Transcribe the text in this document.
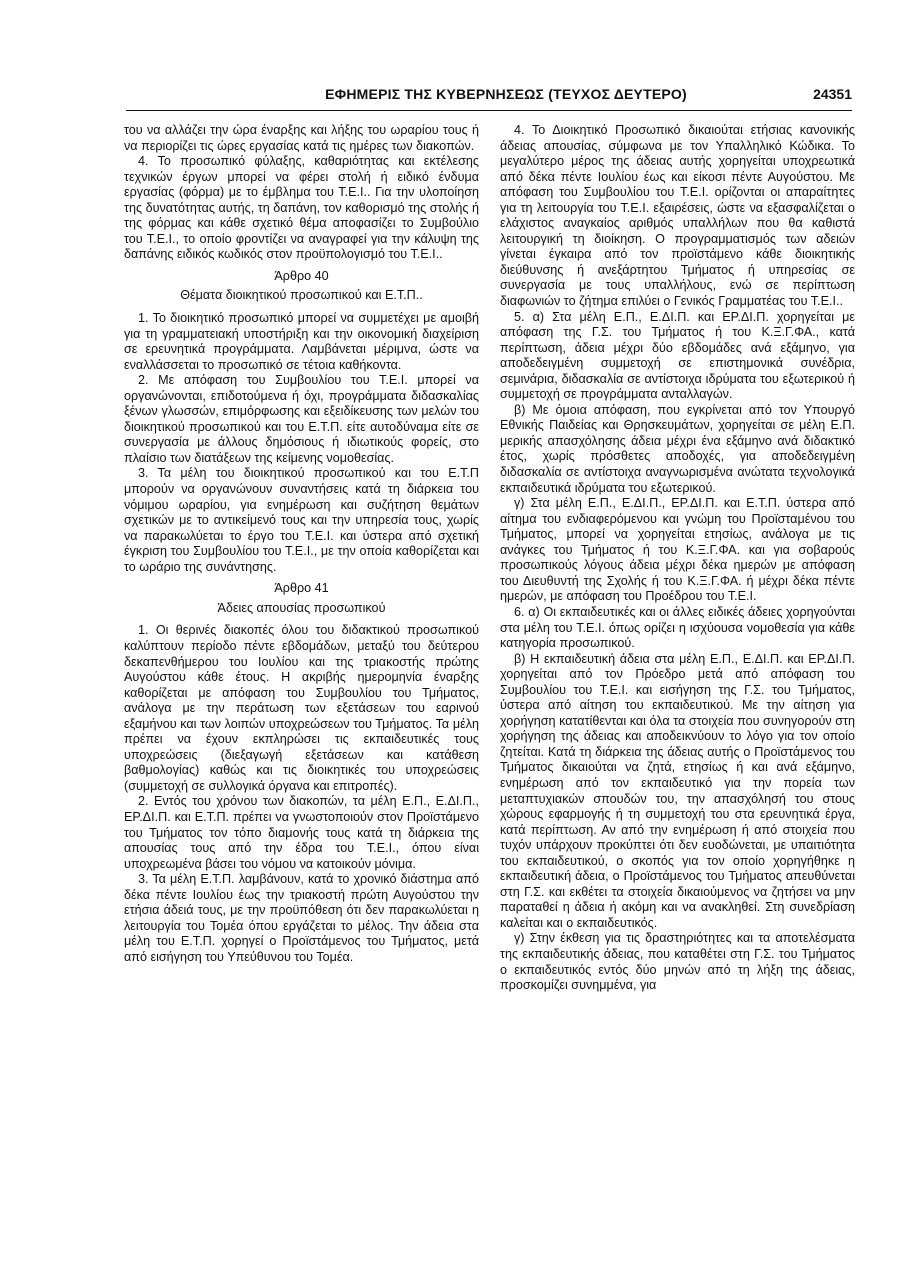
ΕΦΗΜΕΡΙΣ ΤΗΣ ΚΥΒΕΡΝΗΣΕΩΣ (ΤΕΥΧΟΣ ΔΕΥΤΕΡΟ)	24351

του να αλλάζει την ώρα έναρξης και λήξης του ωραρίου τους ή να περιορίζει τις ώρες εργασίας κατά τις ημέρες των διακοπών.

4. Το προσωπικό φύλαξης, καθαριότητας και εκτέλεσης τεχνικών έργων μπορεί να φέρει στολή ή ειδικό ένδυμα εργασίας (φόρμα) με το έμβλημα του Τ.Ε.Ι.. Για την υλοποίηση της δυνατότητας αυτής, τη δαπάνη, τον καθορισμό της στολής ή της φόρμας και κάθε σχετικό θέμα αποφασίζει το Συμβούλιο του Τ.Ε.Ι., το οποίο φροντίζει να αναγραφεί για την κάλυψη της δαπάνης ειδικός κωδικός στον προϋπολογισμό του Τ.Ε.Ι..

Άρθρο 40

Θέματα διοικητικού προσωπικού και Ε.Τ.Π..

1. Το διοικητικό προσωπικό μπορεί να συμμετέχει με αμοιβή για τη γραμματειακή υποστήριξη και την οικονομική διαχείριση σε ερευνητικά προγράμματα. Λαμβάνεται μέριμνα, ώστε να εναλλάσσεται το προσωπικό σε τέτοια καθήκοντα.

2. Με απόφαση του Συμβουλίου του Τ.Ε.Ι. μπορεί να οργανώνονται, επιδοτούμενα ή όχι, προγράμματα διδασκαλίας ξένων γλωσσών, επιμόρφωσης και εξειδίκευσης των μελών του διοικητικού προσωπικού και του Ε.Τ.Π. είτε αυτοδύναμα είτε σε συνεργασία με άλλους δημόσιους ή ιδιωτικούς φορείς, στο πλαίσιο των διατάξεων της κείμενης νομοθεσίας.

3. Τα μέλη του διοικητικού προσωπικού και του Ε.Τ.Π μπορούν να οργανώνουν συναντήσεις κατά τη διάρκεια του νόμιμου ωραρίου, για ενημέρωση και συζήτηση θεμάτων σχετικών με το αντικείμενό τους και την υπηρεσία τους, χωρίς να παρακωλύεται το έργο του Τ.Ε.Ι. και ύστερα από σχετική έγκριση του Συμβουλίου του Τ.Ε.Ι., με την οποία καθορίζεται και το ωράριο της συνάντησης.

Άρθρο 41

Άδειες απουσίας προσωπικού

1. Οι θερινές διακοπές όλου του διδακτικού προσωπικού καλύπτουν περίοδο πέντε εβδομάδων, μεταξύ του δεύτερου δεκαπενθήμερου του Ιουλίου και της τριακοστής πρώτης Αυγούστου κάθε έτους. Η ακριβής ημερομηνία έναρξης καθορίζεται με απόφαση του Συμβουλίου του Τμήματος, ανάλογα με την περάτωση των εξετάσεων του εαρινού εξαμήνου και των λοιπών υποχρεώσεων του Τμήματος. Τα μέλη πρέπει να έχουν εκπληρώσει τις εκπαιδευτικές τους υποχρεώσεις (διεξαγωγή εξετάσεων και κατάθεση βαθμολογίας) καθώς και τις διοικητικές του υποχρεώσεις (συμμετοχή σε συλλογικά όργανα και επιτροπές).

2. Εντός του χρόνου των διακοπών, τα μέλη Ε.Π., Ε.ΔΙ.Π., ΕΡ.ΔΙ.Π. και Ε.Τ.Π. πρέπει να γνωστοποιούν στον Προϊστάμενο του Τμήματος τον τόπο διαμονής τους κατά τη διάρκεια της απουσίας τους από την έδρα του Τ.Ε.Ι., όπου είναι υποχρεωμένα βάσει του νόμου να κατοικούν μόνιμα.

3. Τα μέλη Ε.Τ.Π. λαμβάνουν, κατά το χρονικό διάστημα από δέκα πέντε Ιουλίου έως την τριακοστή πρώτη Αυγούστου την ετήσια άδειά τους, με την προϋπόθεση ότι δεν παρακωλύεται η λειτουργία του Τομέα όπου εργάζεται το μέλος. Την άδεια στα μέλη του Ε.Τ.Π. χορηγεί ο Προϊστάμενος του Τμήματος, μετά από εισήγηση του Υπεύθυνου του Τομέα.

4. Το Διοικητικό Προσωπικό δικαιούται ετήσιας κανονικής άδειας απουσίας, σύμφωνα με τον Υπαλληλικό Κώδικα. Το μεγαλύτερο μέρος της άδειας αυτής χορηγείται υποχρεωτικά από δέκα πέντε Ιουλίου έως και είκοσι πέντε Αυγούστου. Με απόφαση του Συμβουλίου του Τ.Ε.Ι. ορίζονται οι απαραίτητες για τη λειτουργία του Τ.Ε.Ι. εξαιρέσεις, ώστε να εξασφαλίζεται ο ελάχιστος αναγκαίος αριθμός υπαλλήλων που θα καθιστά λειτουργική τη διοίκηση. Ο προγραμματισμός των αδειών γίνεται έγκαιρα από τον προϊστάμενο κάθε διοικητικής διεύθυνσης ή ανεξάρτητου Τμήματος ή υπηρεσίας σε συνεργασία με τους υπαλλήλους, ενώ σε περίπτωση διαφωνιών το ζήτημα επιλύει ο Γενικός Γραμματέας του Τ.Ε.Ι..

5. α) Στα μέλη Ε.Π., Ε.ΔΙ.Π. και ΕΡ.ΔΙ.Π. χορηγείται με απόφαση της Γ.Σ. του Τμήματος ή του Κ.Ξ.Γ.ΦΑ., κατά περίπτωση, άδεια μέχρι δύο εβδομάδες ανά εξάμηνο, για αποδεδειγμένη συμμετοχή σε επιστημονικά συνέδρια, σεμινάρια, διδασκαλία σε αντίστοιχα ιδρύματα του εξωτερικού ή συμμετοχή σε προγράμματα ανταλλαγών.

β) Με όμοια απόφαση, που εγκρίνεται από τον Υπουργό Εθνικής Παιδείας και Θρησκευμάτων, χορηγείται σε μέλη Ε.Π. μερικής απασχόλησης άδεια μέχρι ένα εξάμηνο ανά διδακτικό έτος, χωρίς πρόσθετες αποδοχές, για αποδεδειγμένη διδασκαλία σε αντίστοιχα αναγνωρισμένα ανώτατα τεχνολογικά εκπαιδευτικά ιδρύματα του εξωτερικού.

γ) Στα μέλη Ε.Π., Ε.ΔΙ.Π., ΕΡ.ΔΙ.Π. και Ε.Τ.Π. ύστερα από αίτημα του ενδιαφερόμενου και γνώμη του Προϊσταμένου του Τμήματος, μπορεί να χορηγείται ετησίως, ανάλογα με τις ανάγκες του Τμήματος ή του Κ.Ξ.Γ.ΦΑ. και για σοβαρούς προσωπικούς λόγους άδεια μέχρι δέκα ημερών με απόφαση του Διευθυντή της Σχολής ή του Κ.Ξ.Γ.ΦΑ. ή μέχρι δέκα πέντε ημερών, με απόφαση του Προέδρου του Τ.Ε.Ι.

6. α) Οι εκπαιδευτικές και οι άλλες ειδικές άδειες χορηγούνται στα μέλη του Τ.Ε.Ι. όπως ορίζει η ισχύουσα νομοθεσία για κάθε κατηγορία προσωπικού.

β) Η εκπαιδευτική άδεια στα μέλη Ε.Π., Ε.ΔΙ.Π. και ΕΡ.ΔΙ.Π. χορηγείται από τον Πρόεδρο μετά από απόφαση του Συμβουλίου του Τ.Ε.Ι. και εισήγηση της Γ.Σ. του Τμήματος, ύστερα από αίτηση του εκπαιδευτικού. Με την αίτηση για χορήγηση κατατίθενται και όλα τα στοιχεία που συνηγορούν στη χορήγηση της άδειας και αποδεικνύουν το λόγο για τον οποίο ζητείται. Κατά τη διάρκεια της άδειας αυτής ο Προϊστάμενος του Τμήματος δικαιούται να ζητά, ετησίως ή και ανά εξάμηνο, ενημέρωση από τον εκπαιδευτικό για την πορεία των μεταπτυχιακών σπουδών του, την απασχόλησή του στους χώρους εφαρμογής ή τη συμμετοχή του στα ερευνητικά έργα, κατά περίπτωση. Αν από την ενημέρωση ή από στοιχεία που τυχόν υπάρχουν προκύπτει ότι δεν ευοδώνεται, με υπαιτιότητα του εκπαιδευτικού, ο σκοπός για τον οποίο χορηγήθηκε η εκπαιδευτική άδεια, ο Προϊστάμενος του Τμήματος απευθύνεται στη Γ.Σ. και εκθέτει τα στοιχεία δικαιούμενος να ζητήσει να μην παραταθεί η άδεια ή ακόμη και να ανακληθεί. Στη συνεδρίαση καλείται και ο εκπαιδευτικός.

γ) Στην έκθεση για τις δραστηριότητες και τα αποτελέσματα της εκπαιδευτικής άδειας, που καταθέτει στη Γ.Σ. του Τμήματος ο εκπαιδευτικός εντός δύο μηνών από τη λήξη της άδειας, προσκομίζει συνημμένα, για
